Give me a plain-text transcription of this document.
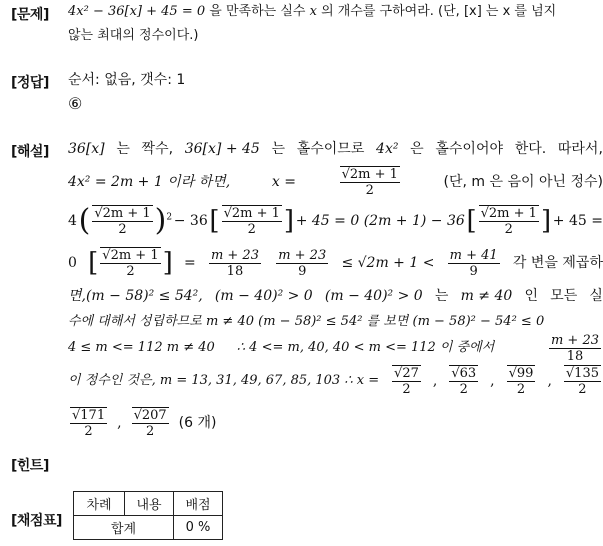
[문제]
[정답]
[해설]
[힌트]
[채점표]
4x² − 36[x] + 45 = 0 을 만족하는 실수 x 의 개수를 구하여라. (단, [x] 는 x 를 넘지
않는 최대의 정수이다.)
순서: 없음, 갯수: 1
⑥
36[x] 는 짝수, 36[x] + 45 는 홀수이므로 4x² 은 홀수이어야 한다. 따라서,
4x² = 2m + 1 이라 하면,	x =	$\frac{√2m + 1}{2}$	(단, m 은 음이 아닌 정수)
4 ( $\frac{√2m + 1}{2} )^2 - 36$ [ $\frac{√2m + 1}{2}$ ] + 45 = 0 (2m + 1) − 36 [ $\frac{√2m + 1}{2}$ ] + 45 =
0 [ $\frac{√2m + 1}{2}$ ] = $\frac{m + 23}{18} \frac{m + 23}{9} \le √2m + 1 < \frac{m + 41}{9}$ 각 변을 제곱하
면,(m − 58)² ≤ 54², (m − 40)² > 0 (m − 40)² > 0 는 m ≠ 40 인 모든 실
수에 대해서 성립하므로 m ≠ 40 (m − 58)² ≤ 54² 를 보면 (m − 58)² − 54² ≤ 0
4 ≤ m <= 112 m ≠ 40 ∴ 4 <= m, 40, 40 < m <= 112 이 중에서	$\frac{m + 23}{18}$
이 정수인 것은, m = 13, 31, 49, 67, 85, 103 ∴ $x = \frac{√27}{2}$ , $\frac{√63}{2}$ , $\frac{√99}{2}$ , $\frac{√135}{2}$
$\frac{√171}{2}$ , $\frac{√207}{2} (6$ 개)
차례	내용	배점
합계		0 %
